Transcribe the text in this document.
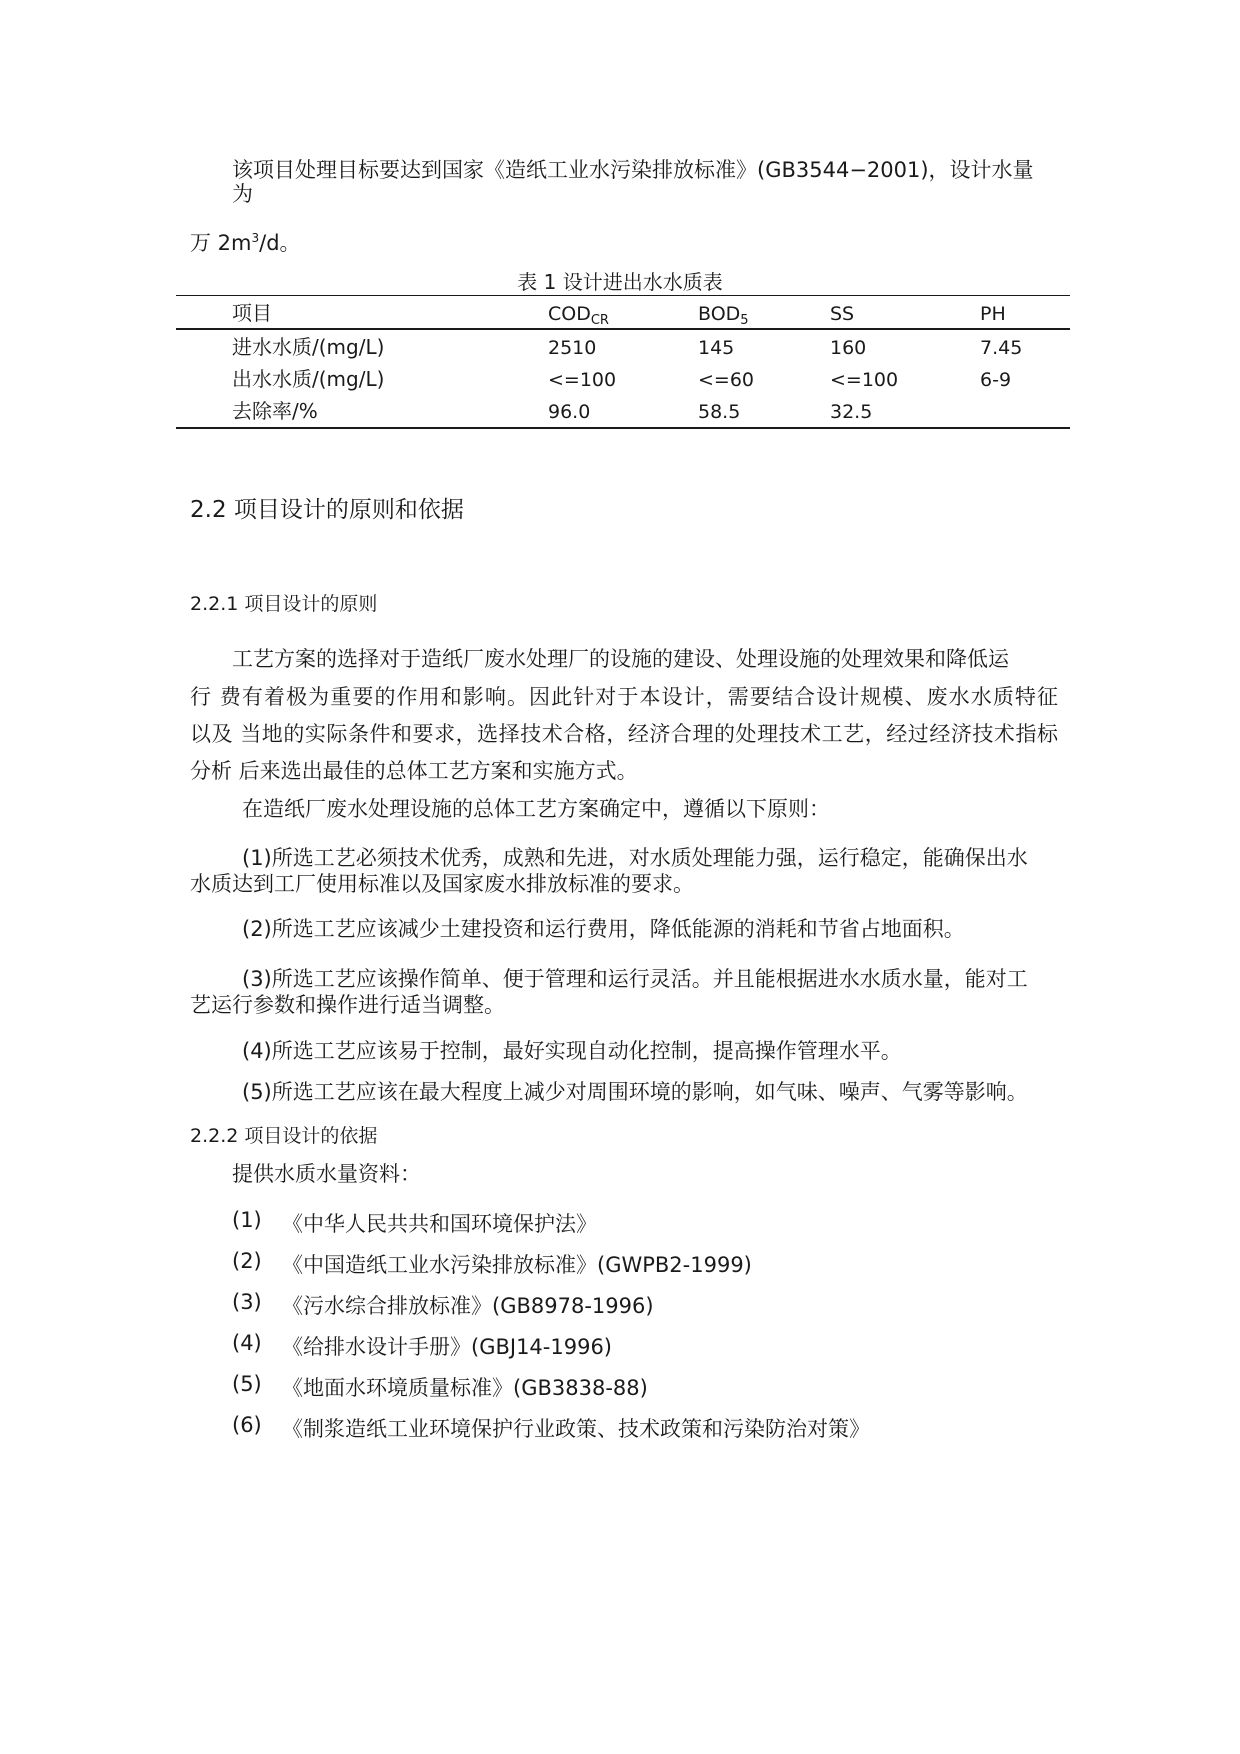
该项目处理目标要达到国家《造纸工业水污染排放标准》(GB3544−2001)，设计水量
为
万 $2m^3/d$。
表 1 设计进出水水质表
项目	$COD_{CR}$	$BOD_5$	SS	PH
进水水质/(mg/L)	2510	145	160	7.45
出水水质/(mg/L)	<=100	<=60	<=100	6-9
去除率/%	96.0	58.5	32.5
2.2 项目设计的原则和依据
2.2.1 项目设计的原则
工艺方案的选择对于造纸厂废水处理厂的设施的建设、处理设施的处理效果和降低运
行 费有着极为重要的作用和影响。因此针对于本设计，需要结合设计规模、废水水质特征
以及 当地的实际条件和要求，选择技术合格，经济合理的处理技术工艺，经过经济技术指标
分析 后来选出最佳的总体工艺方案和实施方式。
在造纸厂废水处理设施的总体工艺方案确定中，遵循以下原则：
(1)所选工艺必须技术优秀，成熟和先进，对水质处理能力强，运行稳定，能确保出水
水质达到工厂使用标准以及国家废水排放标准的要求。
(2)所选工艺应该减少土建投资和运行费用，降低能源的消耗和节省占地面积。
(3)所选工艺应该操作简单、便于管理和运行灵活。并且能根据进水水质水量，能对工
艺运行参数和操作进行适当调整。
(4)所选工艺应该易于控制，最好实现自动化控制，提高操作管理水平。
(5)所选工艺应该在最大程度上减少对周围环境的影响，如气味、噪声、气雾等影响。
2.2.2 项目设计的依据
提供水质水量资料：
(1) 《中华人民共共和国环境保护法》
(2) 《中国造纸工业水污染排放标准》(GWPB2-1999)
(3) 《污水综合排放标准》(GB8978-1996)
(4) 《给排水设计手册》(GBJ14-1996)
(5) 《地面水环境质量标准》(GB3838-88)
(6) 《制浆造纸工业环境保护行业政策、技术政策和污染防治对策》
